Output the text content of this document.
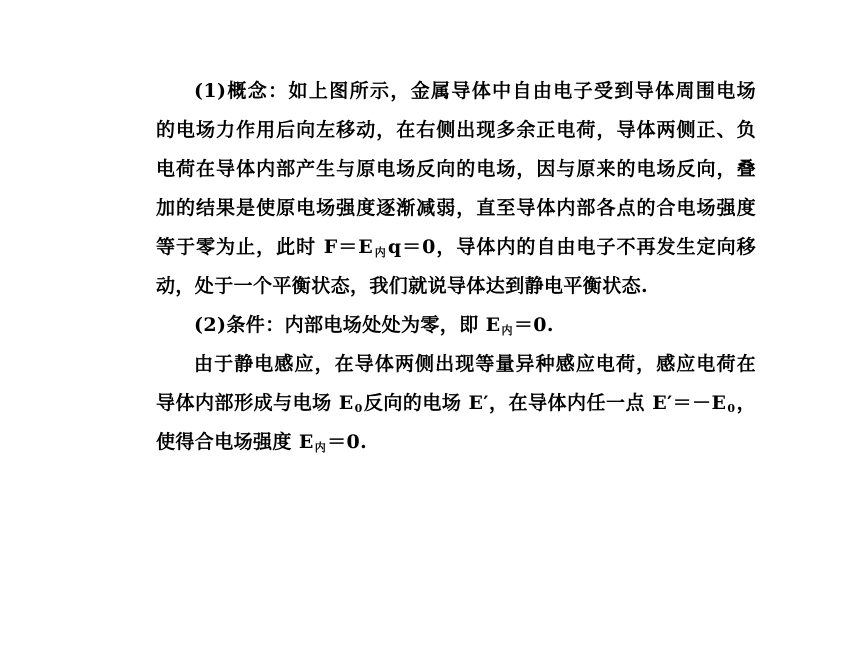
(1)概念：如上图所示，金属导体中自由电子受到导体周围电场
的电场力作用后向左移动，在右侧出现多余正电荷，导体两侧正、负
电荷在导体内部产生与原电场反向的电场，因与原来的电场反向，叠
加的结果是使原电场强度逐渐减弱，直至导体内部各点的合电场强度
等于零为止，此时 $F=E_内q=0$，导体内的自由电子不再发生定向移
动，处于一个平衡状态，我们就说导体达到静电平衡状态.
(2)条件：内部电场处处为零，即 $E_内=0$.
由于静电感应，在导体两侧出现等量异种感应电荷，感应电荷在
导体内部形成与电场 $E_0$反向的电场 E′，在导体内任一点 $E'=-E_0$，
使得合电场强度 $E_内=0$.
